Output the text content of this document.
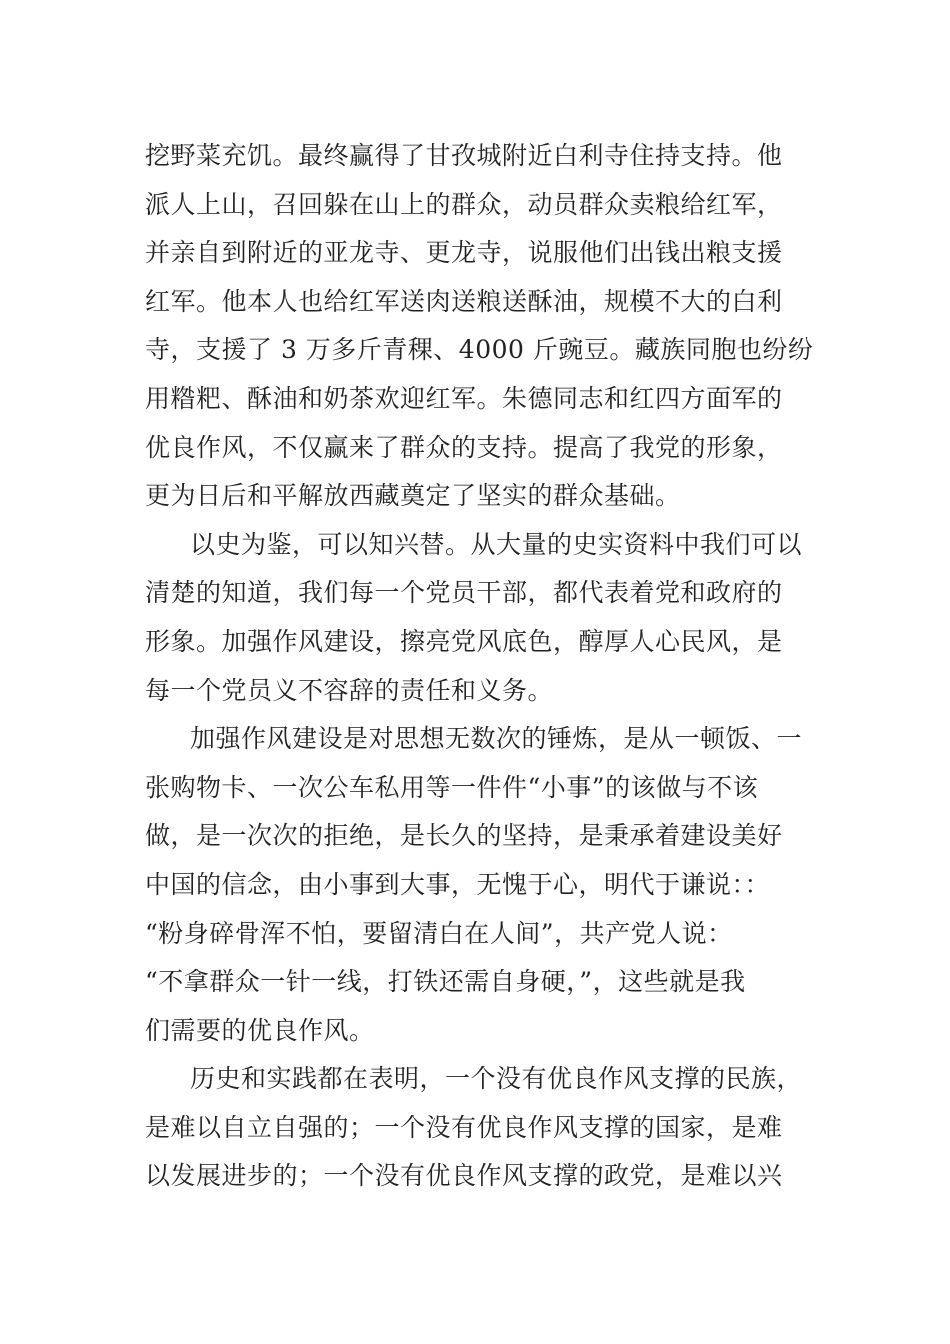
挖野菜充饥。最终赢得了甘孜城附近白利寺住持支持。他
派人上山，召回躲在山上的群众，动员群众卖粮给红军，
并亲自到附近的亚龙寺、更龙寺，说服他们出钱出粮支援
红军。他本人也给红军送肉送粮送酥油，规模不大的白利
寺，支援了 3 万多斤青稞、4000 斤豌豆。藏族同胞也纷纷
用糌粑、酥油和奶茶欢迎红军。朱德同志和红四方面军的
优良作风，不仅赢来了群众的支持。提高了我党的形象，
更为日后和平解放西藏奠定了坚实的群众基础。
以史为鉴，可以知兴替。从大量的史实资料中我们可以
清楚的知道，我们每一个党员干部，都代表着党和政府的
形象。加强作风建设，擦亮党风底色，醇厚人心民风，是
每一个党员义不容辞的责任和义务。
加强作风建设是对思想无数次的锤炼，是从一顿饭、一
张购物卡、一次公车私用等一件件“小事”的该做与不该
做，是一次次的拒绝，是长久的坚持，是秉承着建设美好
中国的信念，由小事到大事，无愧于心，明代于谦说：：
“粉身碎骨浑不怕，要留清白在人间”，共产党人说：
“不拿群众一针一线，打铁还需自身硬，”，这些就是我
们需要的优良作风。
历史和实践都在表明，一个没有优良作风支撑的民族，
是难以自立自强的；一个没有优良作风支撑的国家，是难
以发展进步的；一个没有优良作风支撑的政党，是难以兴
